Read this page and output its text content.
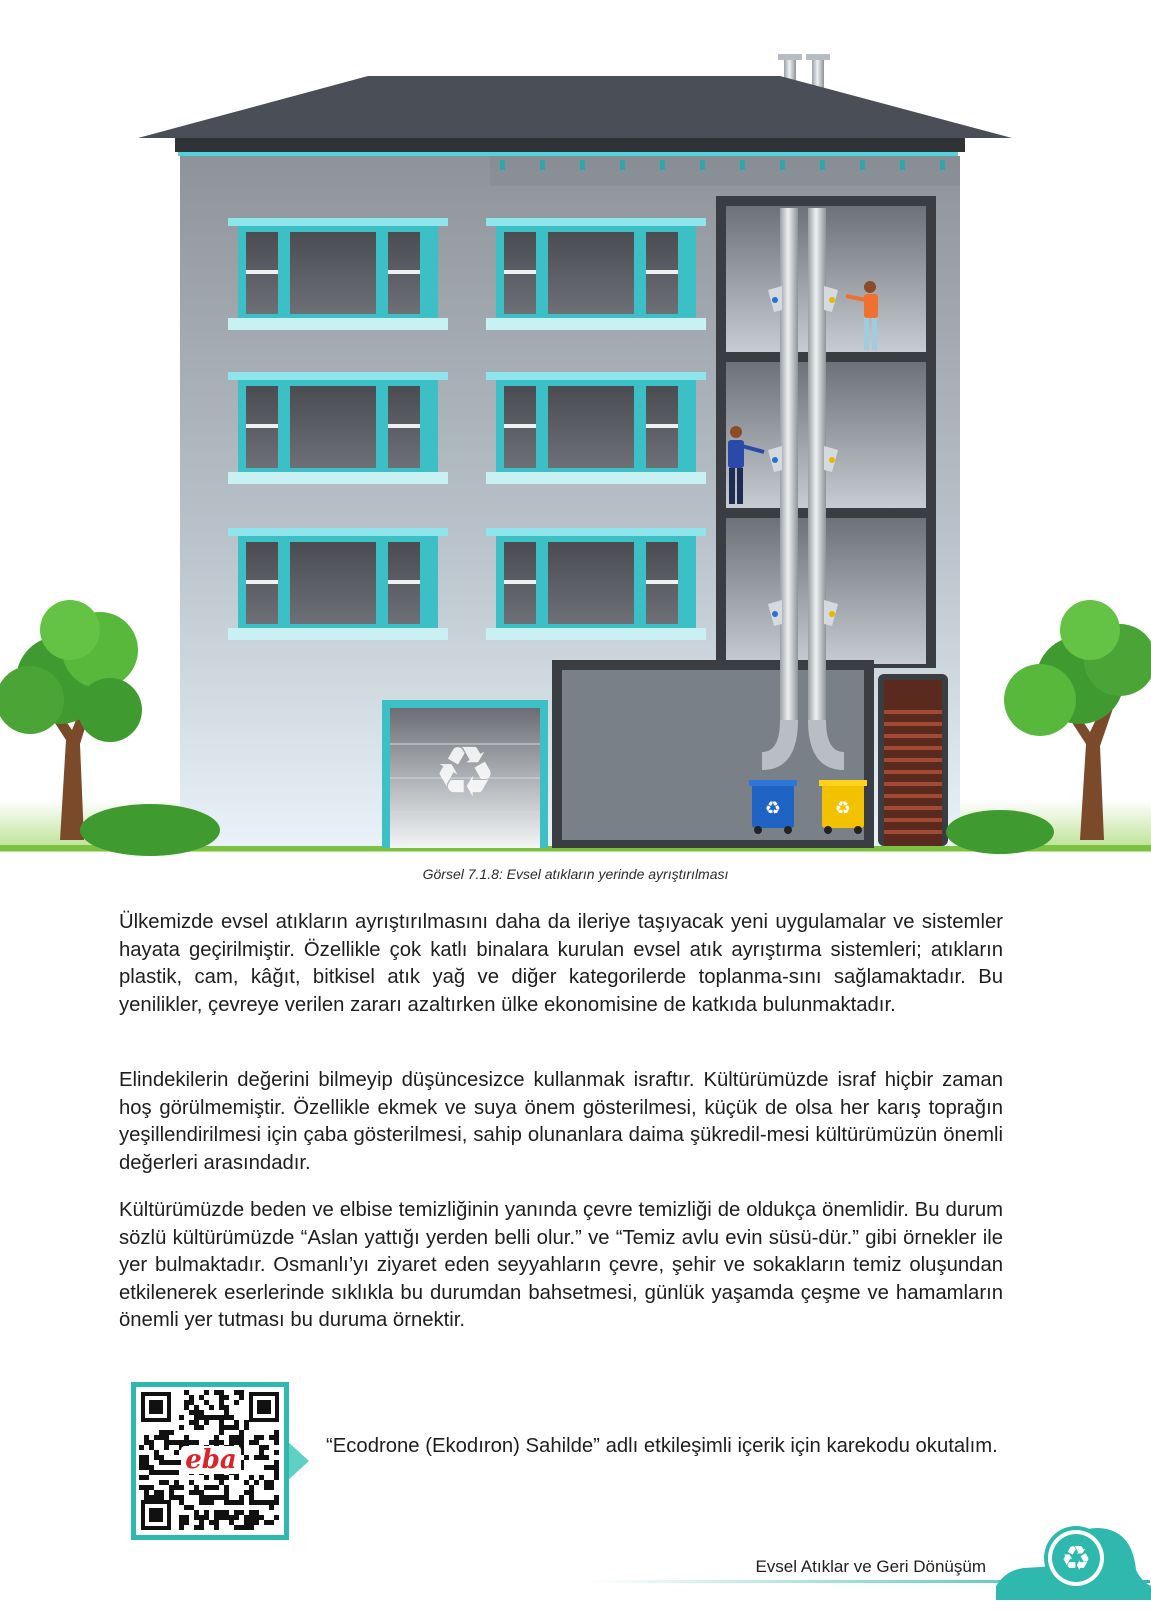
♻	♻
♻
Görsel 7.1.8: Evsel atıkların yerinde ayrıştırılması

Ülkemizde evsel atıkların ayrıştırılmasını daha da ileriye taşıyacak yeni uygulamalar ve sistemler hayata geçirilmiştir. Özellikle çok katlı binalara kurulan evsel atık ayrıştırma sistemleri; atıkların plastik, cam, kâğıt, bitkisel atık yağ ve diğer kategorilerde toplanma-sını sağlamaktadır. Bu yenilikler, çevreye verilen zararı azaltırken ülke ekonomisine de katkıda bulunmaktadır.

Elindekilerin değerini bilmeyip düşüncesizce kullanmak israftır. Kültürümüzde israf hiçbir zaman hoş görülmemiştir. Özellikle ekmek ve suya önem gösterilmesi, küçük de olsa her karış toprağın yeşillendirilmesi için çaba gösterilmesi, sahip olunanlara daima şükredil-mesi kültürümüzün önemli değerleri arasındadır.

Kültürümüzde beden ve elbise temizliğinin yanında çevre temizliği de oldukça önemlidir. Bu durum sözlü kültürümüzde “Aslan yattığı yerden belli olur.” ve “Temiz avlu evin süsü-dür.” gibi örnekler ile yer bulmaktadır. Osmanlı’yı ziyaret eden seyyahların çevre, şehir ve sokakların temiz oluşundan etkilenerek eserlerinde sıklıkla bu durumdan bahsetmesi, günlük yaşamda çeşme ve hamamların önemli yer tutması bu duruma örnektir.

eba	“Ecodrone (Ekodıron) Sahilde” adlı etkileşimli içerik için karekodu okutalım.

Evsel Atıklar ve Geri Dönüşüm ♻
143
